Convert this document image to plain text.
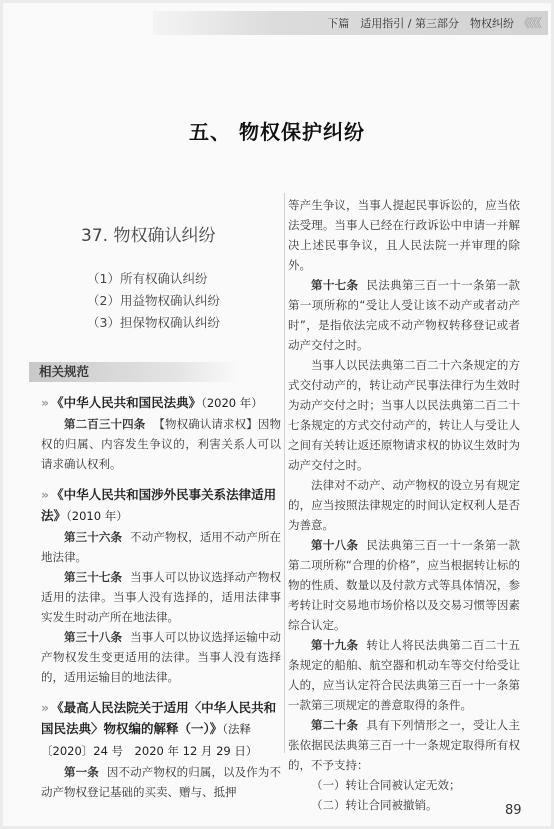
下篇　适用指引 / 第三部分　物权纠纷 《《《《
五、 物权保护纠纷
37. 物权确认纠纷
（1）所有权确认纠纷
（2）用益物权确认纠纷
（3）担保物权确认纠纷
相关规范
» 《中华人民共和国民法典》（2020 年）

第二百三十四条 【物权确认请求权】因物权的归属、内容发生争议的，利害关系人可以请求确认权利。

» 《中华人民共和国涉外民事关系法律适用法》（2010 年）

第三十六条 不动产物权，适用不动产所在地法律。

第三十七条 当事人可以协议选择动产物权适用的法律。当事人没有选择的，适用法律事实发生时动产所在地法律。

第三十八条 当事人可以协议选择运输中动产物权发生变更适用的法律。当事人没有选择的，适用运输目的地法律。

» 《最高人民法院关于适用〈中华人民共和国民法典〉物权编的解释（一）》（法释〔2020〕24 号　2020 年 12 月 29 日）

第一条 因不动产物权的归属，以及作为不动产物权登记基础的买卖、赠与、抵押

等产生争议，当事人提起民事诉讼的，应当依法受理。当事人已经在行政诉讼中申请一并解决上述民事争议，且人民法院一并审理的除外。

第十七条 民法典第三百一十一条第一款第一项所称的“受让人受让该不动产或者动产时”，是指依法完成不动产物权转移登记或者动产交付之时。

当事人以民法典第二百二十六条规定的方式交付动产的，转让动产民事法律行为生效时为动产交付之时；当事人以民法典第二百二十七条规定的方式交付动产的，转让人与受让人之间有关转让返还原物请求权的协议生效时为动产交付之时。

法律对不动产、动产物权的设立另有规定的，应当按照法律规定的时间认定权利人是否为善意。

第十八条 民法典第三百一十一条第一款第二项所称“合理的价格”，应当根据转让标的物的性质、数量以及付款方式等具体情况，参考转让时交易地市场价格以及交易习惯等因素综合认定。

第十九条 转让人将民法典第二百二十五条规定的船舶、航空器和机动车等交付给受让人的，应当认定符合民法典第三百一十一条第一款第三项规定的善意取得的条件。

第二十条 具有下列情形之一，受让人主张依据民法典第三百一十一条规定取得所有权的，不予支持：

（一）转让合同被认定无效；

（二）转让合同被撤销。	89
